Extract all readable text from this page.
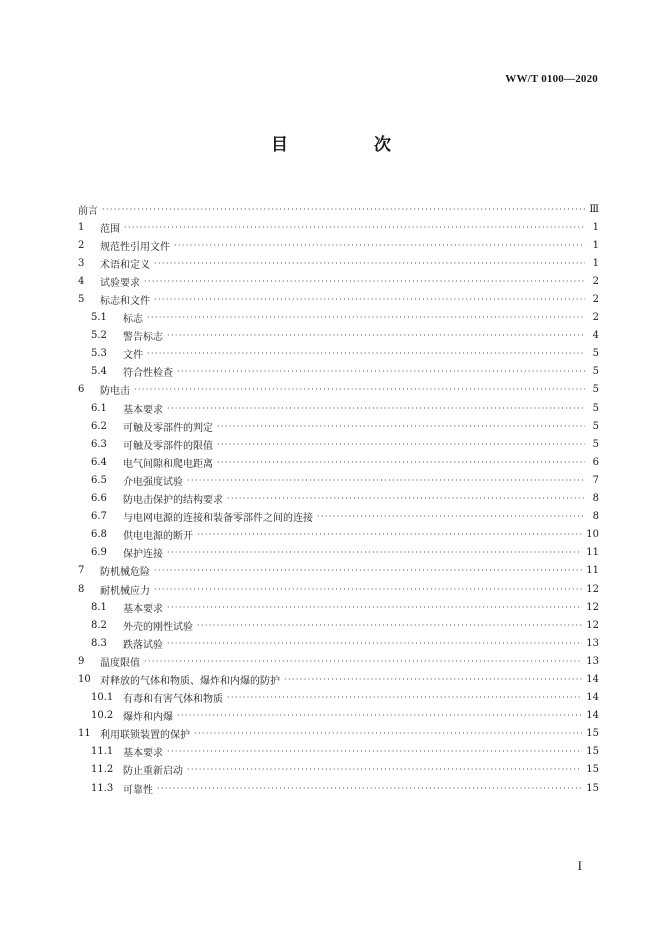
WW/T 0100—2020
目 次
前言 ·····	Ⅲ
1	范围 ·····	1
2	规范性引用文件 ·····	1
3	术语和定义 ·····	1
4	试验要求 ·····	2
5	标志和文件 ·····	2
5.1	标志 ·····	2
5.2	警告标志 ·····	4
5.3	文件 ·····	5
5.4	符合性检查 ·····	5
6	防电击 ·····	5
6.1	基本要求 ·····	5
6.2	可触及零部件的判定 ·····	5
6.3	可触及零部件的限值 ·····	5
6.4	电气间隙和爬电距离 ·····	6
6.5	介电强度试验 ·····	7
6.6	防电击保护的结构要求 ·····	8
6.7	与电网电源的连接和装备零部件之间的连接 ·····	8
6.8	供电电源的断开 ·····	10
6.9	保护连接 ·····	11
7	防机械危险 ·····	11
8	耐机械应力 ·····	12
8.1	基本要求 ·····	12
8.2	外壳的刚性试验 ·····	12
8.3	跌落试验 ·····	13
9	温度限值 ·····	13
10 对释放的气体和物质、爆炸和内爆的防护 ·····	14
10.1 有毒和有害气体和物质 ·····	14
10.2 爆炸和内爆 ·····	14
11 利用联锁装置的保护 ·····	15
11.1 基本要求 ·····	15
11.2 防止重新启动 ·····	15
11.3 可靠性 ·····	15
I
